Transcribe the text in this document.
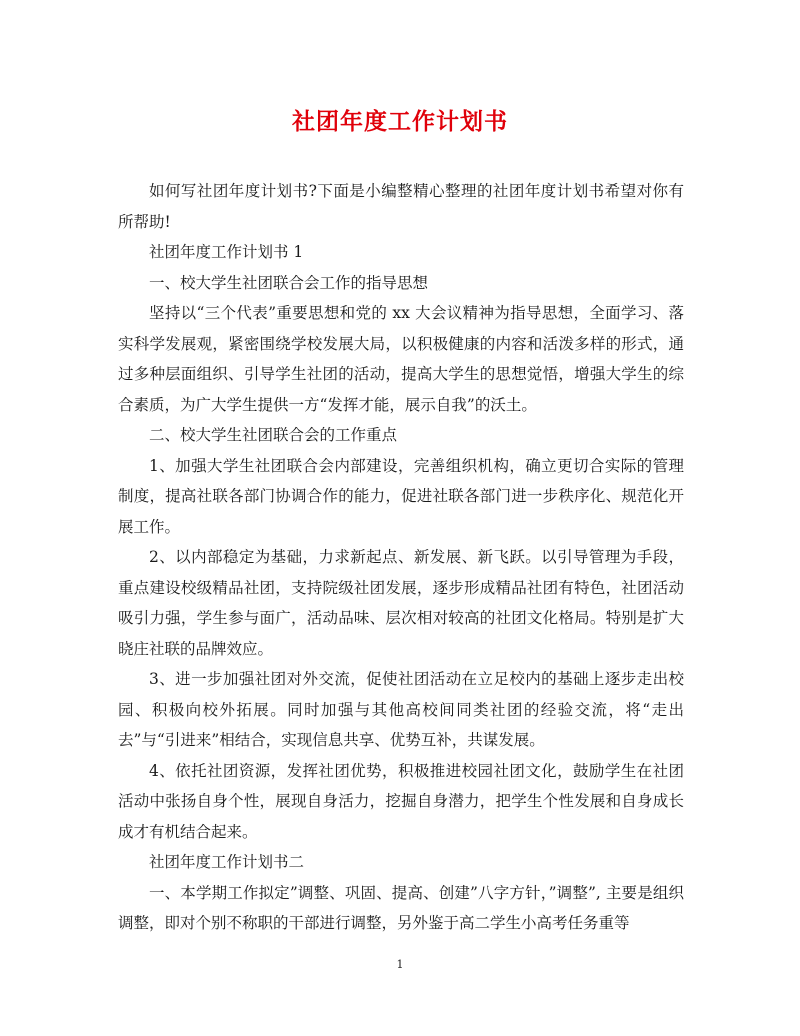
社团年度工作计划书

如何写社团年度计划书?下面是小编整精心整理的社团年度计划书希望对你有所帮助!

社团年度工作计划书 1

一、校大学生社团联合会工作的指导思想

坚持以“三个代表”重要思想和党的 xx 大会议精神为指导思想，全面学习、落实科学发展观，紧密围绕学校发展大局，以积极健康的内容和活泼多样的形式，通过多种层面组织、引导学生社团的活动，提高大学生的思想觉悟，增强大学生的综合素质，为广大学生提供一方“发挥才能，展示自我”的沃土。

二、校大学生社团联合会的工作重点

1、加强大学生社团联合会内部建设，完善组织机构，确立更切合实际的管理制度，提高社联各部门协调合作的能力，促进社联各部门进一步秩序化、规范化开展工作。

2、以内部稳定为基础，力求新起点、新发展、新飞跃。以引导管理为手段，重点建设校级精品社团，支持院级社团发展，逐步形成精品社团有特色，社团活动吸引力强，学生参与面广，活动品味、层次相对较高的社团文化格局。特别是扩大晓庄社联的品牌效应。

3、进一步加强社团对外交流，促使社团活动在立足校内的基础上逐步走出校园、积极向校外拓展。同时加强与其他高校间同类社团的经验交流，将“走出去”与“引进来”相结合，实现信息共享、优势互补，共谋发展。

4、依托社团资源，发挥社团优势，积极推进校园社团文化，鼓励学生在社团活动中张扬自身个性，展现自身活力，挖掘自身潜力，把学生个性发展和自身成长成才有机结合起来。

社团年度工作计划书二

一、本学期工作拟定”调整、巩固、提高、创建”八字方针，”调整”, 主要是组织调整，即对个别不称职的干部进行调整，另外鉴于高二学生小高考任务重等

1
